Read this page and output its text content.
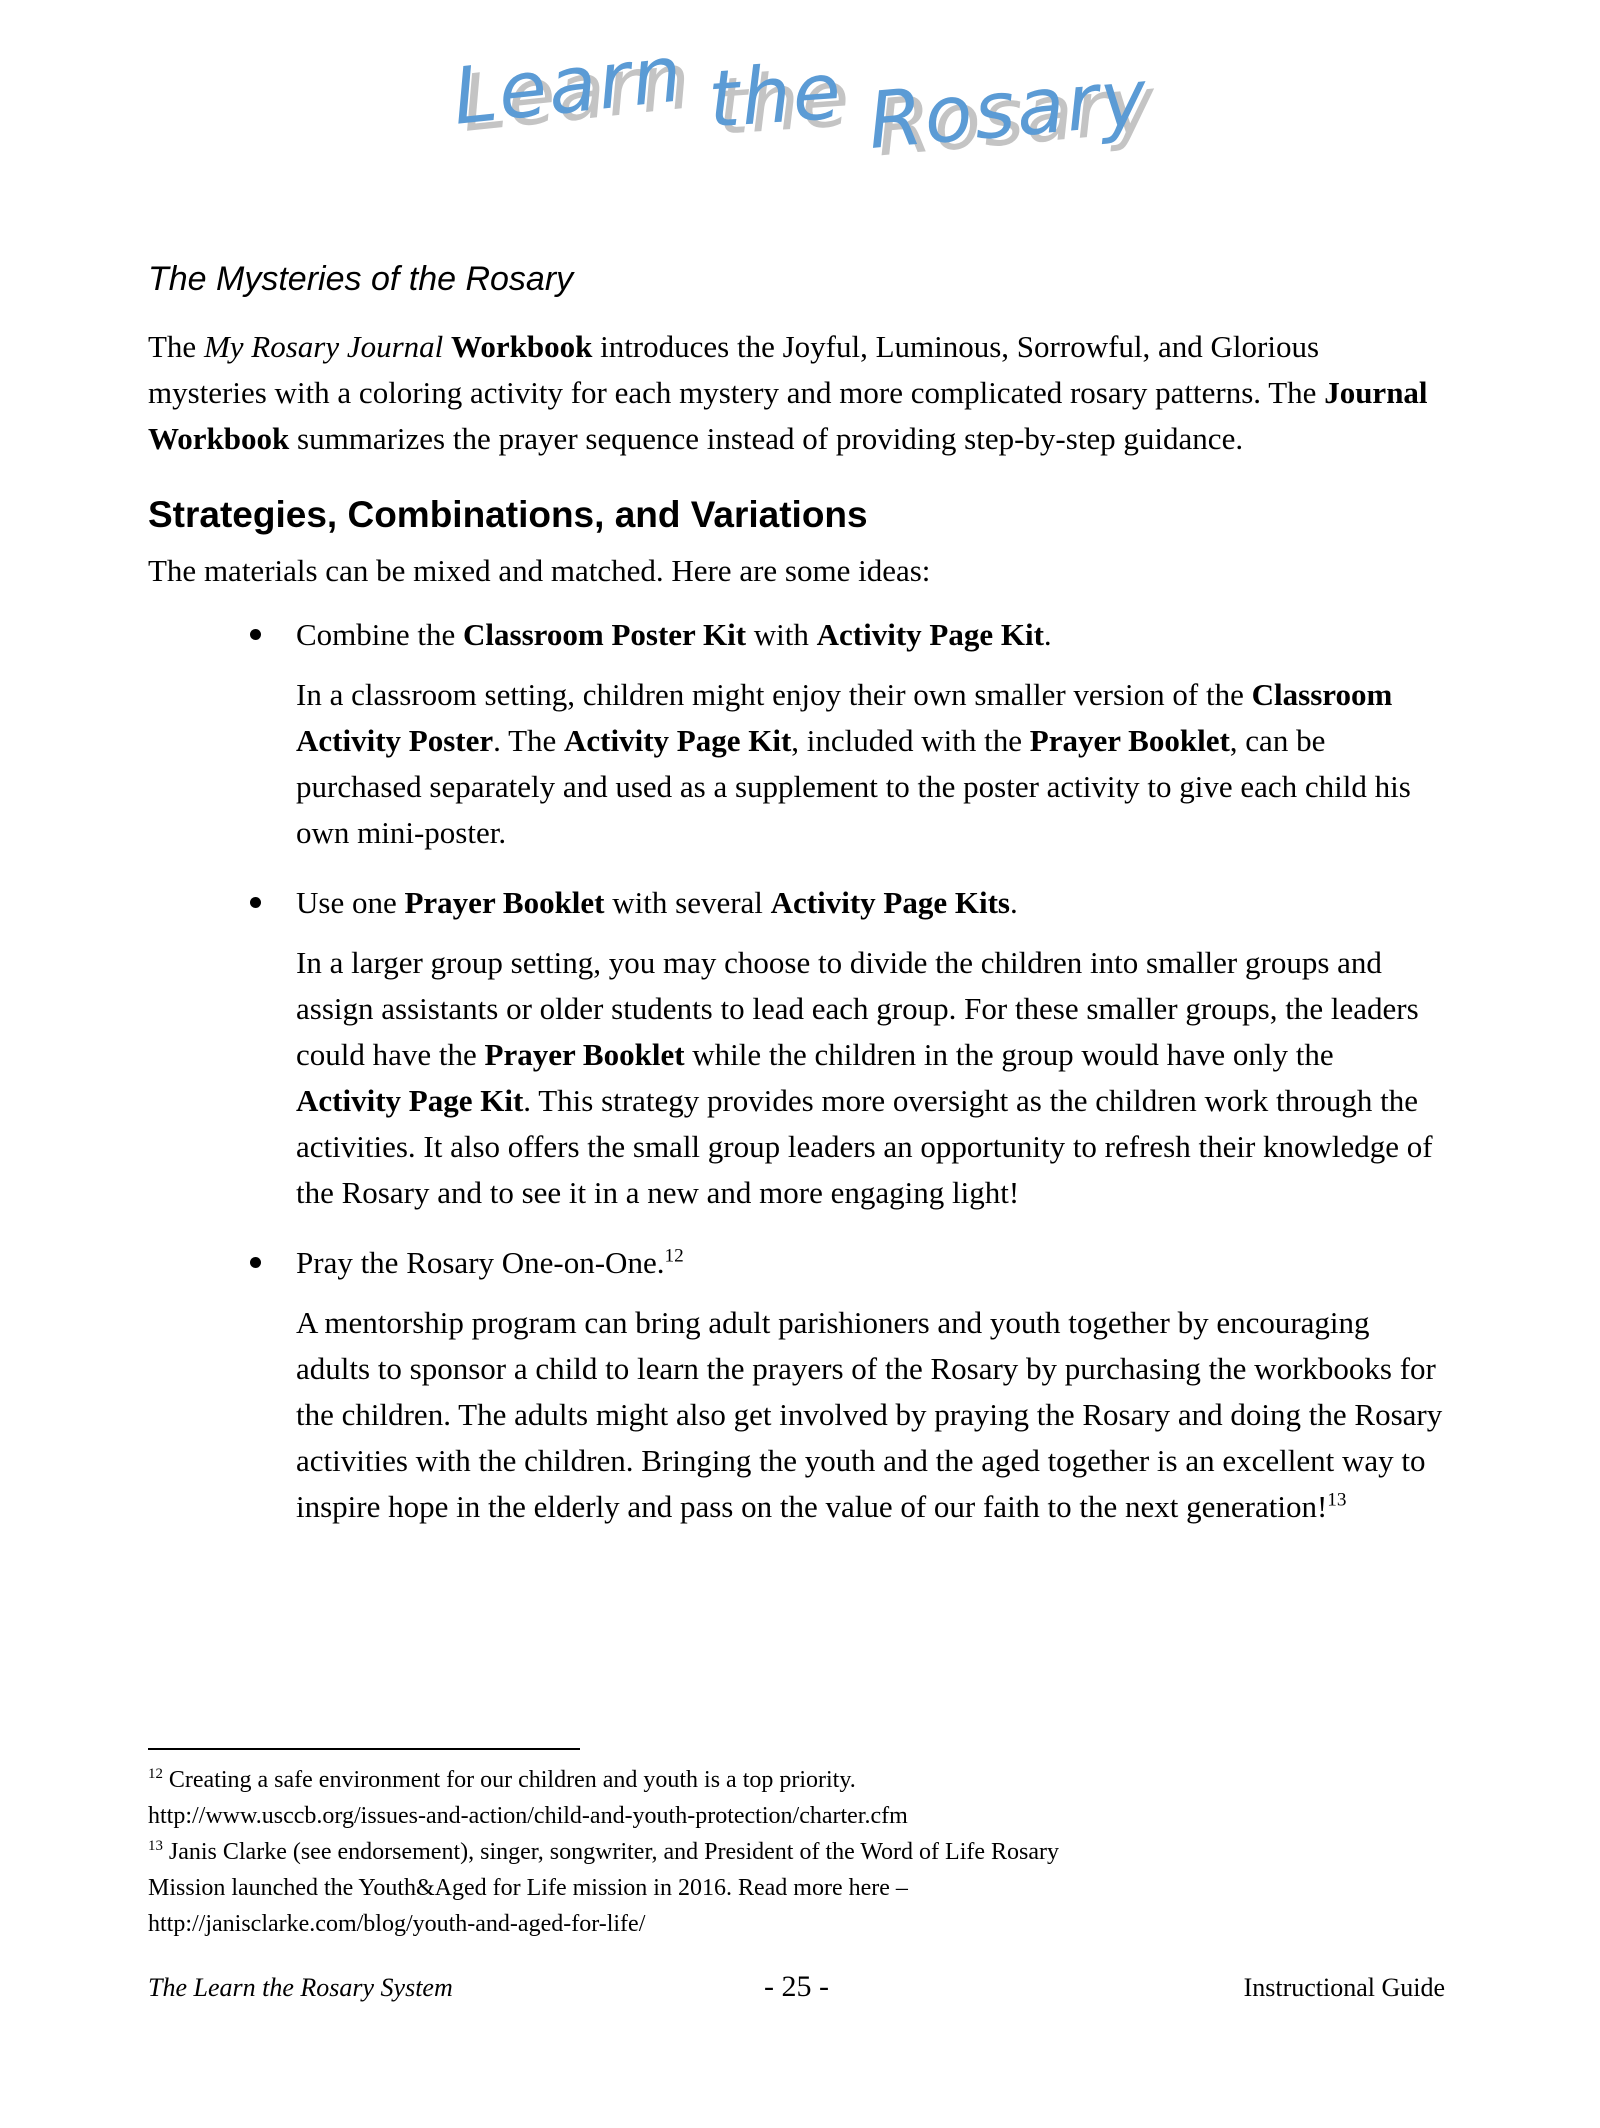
Learn the Rosary
The Mysteries of the Rosary

The My Rosary Journal Workbook introduces the Joyful, Luminous, Sorrowful, and Glorious mysteries with a coloring activity for each mystery and more complicated rosary patterns. The Journal Workbook summarizes the prayer sequence instead of providing step-by-step guidance.

Strategies, Combinations, and Variations

The materials can be mixed and matched. Here are some ideas:

Combine the Classroom Poster Kit with Activity Page Kit.

In a classroom setting, children might enjoy their own smaller version of the Classroom Activity Poster. The Activity Page Kit, included with the Prayer Booklet, can be purchased separately and used as a supplement to the poster activity to give each child his own mini-poster.

Use one Prayer Booklet with several Activity Page Kits.

In a larger group setting, you may choose to divide the children into smaller groups and assign assistants or older students to lead each group. For these smaller groups, the leaders could have the Prayer Booklet while the children in the group would have only the Activity Page Kit. This strategy provides more oversight as the children work through the activities. It also offers the small group leaders an opportunity to refresh their knowledge of the Rosary and to see it in a new and more engaging light!

Pray the Rosary One-on-One.$^{12}$

A mentorship program can bring adult parishioners and youth together by encouraging adults to sponsor a child to learn the prayers of the Rosary by purchasing the workbooks for the children. The adults might also get involved by praying the Rosary and doing the Rosary activities with the children. Bringing the youth and the aged together is an excellent way to inspire hope in the elderly and pass on the value of our faith to the next generation!$^{13}$

$^{12}$ Creating a safe environment for our children and youth is a top priority.
http://www.usccb.org/issues-and-action/child-and-youth-protection/charter.cfm

$^{13}$ Janis Clarke (see endorsement), singer, songwriter, and President of the Word of Life Rosary
Mission launched the Youth&Aged for Life mission in 2016. Read more here –
http://janisclarke.com/blog/youth-and-aged-for-life/

The Learn the Rosary System	- 25 -	Instructional Guide
